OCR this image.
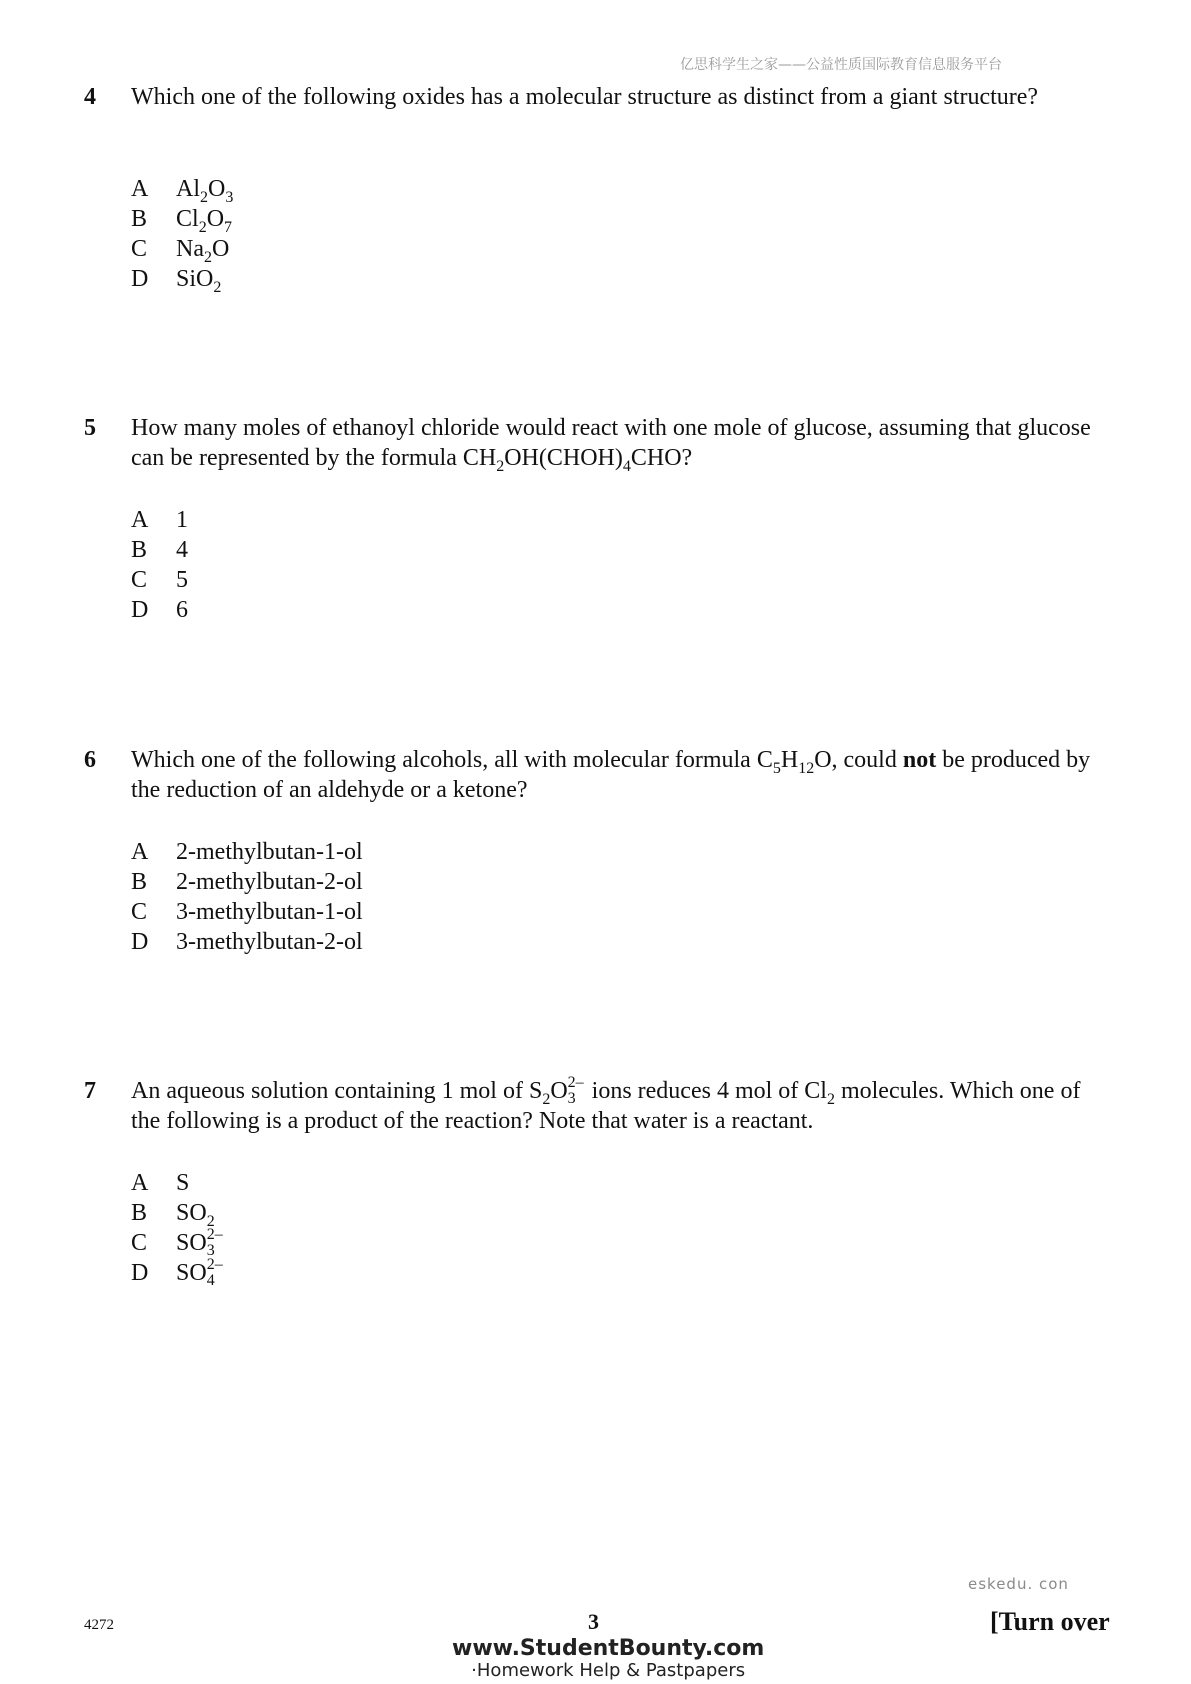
亿思科学生之家——公益性质国际教育信息服务平台
4 Which one of the following oxides has a molecular structure as distinct from a giant structure?
A	$Al_2O_3$
B	$Cl_2O_7$
C	$Na_2O$
D	SiO$_2$
5 How many moles of ethanoyl chloride would react with one mole of glucose, assuming that glucose can be represented by the formula $CH_2OH(CHOH)_4CHO$?
A	1
B	4
C	5
D	6
6 Which one of the following alcohols, all with molecular formula $C_5H_{12}O$, could not be produced by the reduction of an aldehyde or a ketone?
A	2-methylbutan-1-ol
B	2-methylbutan-2-ol
C	3-methylbutan-1-ol
D	3-methylbutan-2-ol
7 An aqueous solution containing 1 mol of $S_2O$ 3
2– ions reduces 4 mol of $Cl_2$ molecules. Which one of the following is a product of the reaction? Note that water is a reactant.
A	S
B	$SO_2$
C	SO 3
2–
D	SO 4
2–
eskedu. con
4272	3	[Turn over
www.StudentBounty.com
·Homework Help & Pastpapers
